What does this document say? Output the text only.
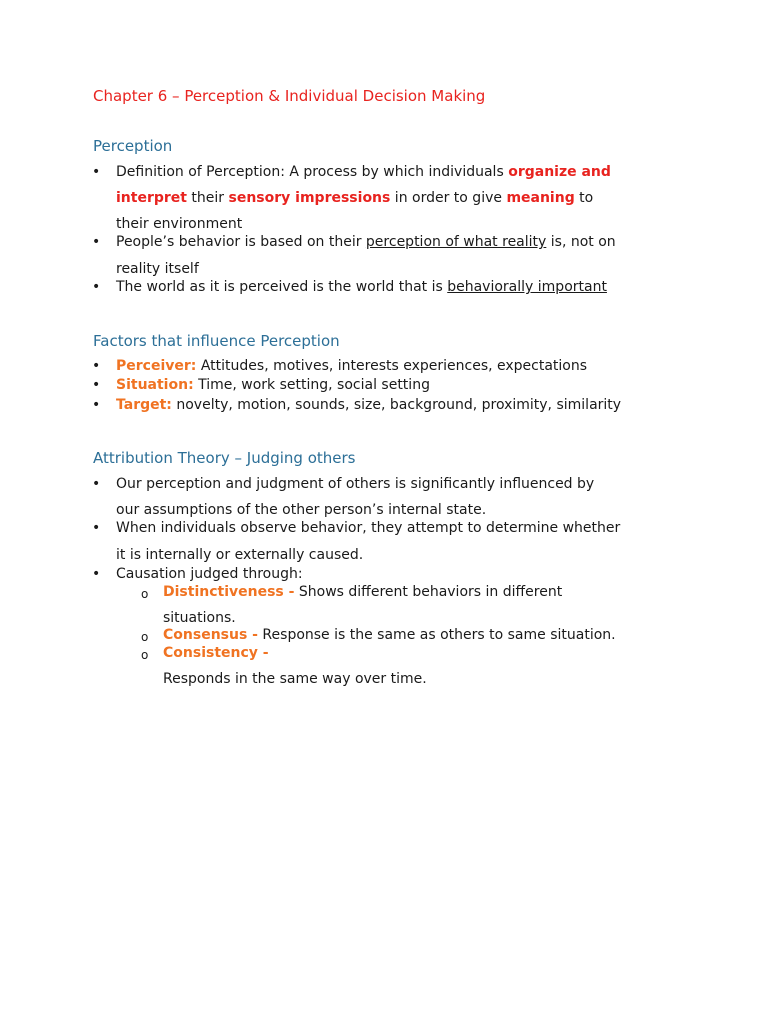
Chapter 6 – Perception & Individual Decision Making
Perception
• Definition of Perception: A process by which individuals organize and
interpret their sensory impressions in order to give meaning to
their environment
• People’s behavior is based on their perception of what reality is, not on
reality itself
• The world as it is perceived is the world that is behaviorally important
Factors that influence Perception
• Perceiver: Attitudes, motives, interests experiences, expectations
• Situation: Time, work setting, social setting
• Target: novelty, motion, sounds, size, background, proximity, similarity
Attribution Theory – Judging others
• Our perception and judgment of others is significantly influenced by
our assumptions of the other person’s internal state.
• When individuals observe behavior, they attempt to determine whether
it is internally or externally caused.
• Causation judged through:
o Distinctiveness - Shows different behaviors in different
situations.
o Consensus - Response is the same as others to same situation.
o Consistency -
Responds in the same way over time.
